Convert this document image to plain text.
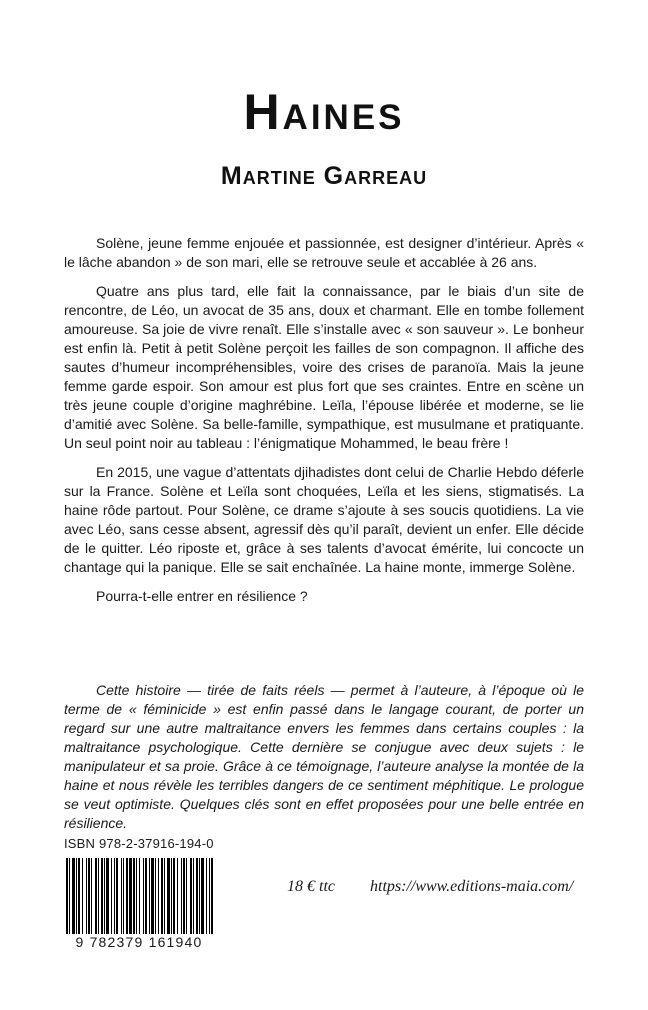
Haines
Martine Garreau

Solène, jeune femme enjouée et passionnée, est designer d’intérieur. Après « le lâche abandon » de son mari, elle se retrouve seule et accablée à 26 ans.

Quatre ans plus tard, elle fait la connaissance, par le biais d’un site de rencontre, de Léo, un avocat de 35 ans, doux et charmant. Elle en tombe follement amoureuse. Sa joie de vivre renaît. Elle s’installe avec « son sauveur ». Le bonheur est enfin là. Petit à petit Solène perçoit les failles de son compagnon. Il affiche des sautes d’humeur incompréhensibles, voire des crises de paranoïa. Mais la jeune femme garde espoir. Son amour est plus fort que ses craintes. Entre en scène un très jeune couple d’origine maghrébine. Leïla, l’épouse libérée et moderne, se lie d’amitié avec Solène. Sa belle-famille, sympathique, est musulmane et pratiquante. Un seul point noir au tableau : l’énigmatique Mohammed, le beau frère !

En 2015, une vague d’attentats djihadistes dont celui de Charlie Hebdo déferle sur la France. Solène et Leïla sont choquées, Leïla et les siens, stigmatisés. La haine rôde partout. Pour Solène, ce drame s’ajoute à ses soucis quotidiens. La vie avec Léo, sans cesse absent, agressif dès qu’il paraît, devient un enfer. Elle décide de le quitter. Léo riposte et, grâce à ses talents d’avocat émérite, lui concocte un chantage qui la panique. Elle se sait enchaînée. La haine monte, immerge Solène.

Pourra-t-elle entrer en résilience ?

Cette histoire — tirée de faits réels — permet à l’auteure, à l’époque où le terme de « féminicide » est enfin passé dans le langage courant, de porter un regard sur une autre maltraitance envers les femmes dans certains couples : la maltraitance psychologique. Cette dernière se conjugue avec deux sujets : le manipulateur et sa proie. Grâce à ce témoignage, l’auteure analyse la montée de la haine et nous révèle les terribles dangers de ce sentiment méphitique. Le prologue se veut optimiste. Quelques clés sont en effet proposées pour une belle entrée en résilience.

ISBN 978-2-37916-194-0
9 782379 161940
18 € ttc https://www.editions-maia.com/
